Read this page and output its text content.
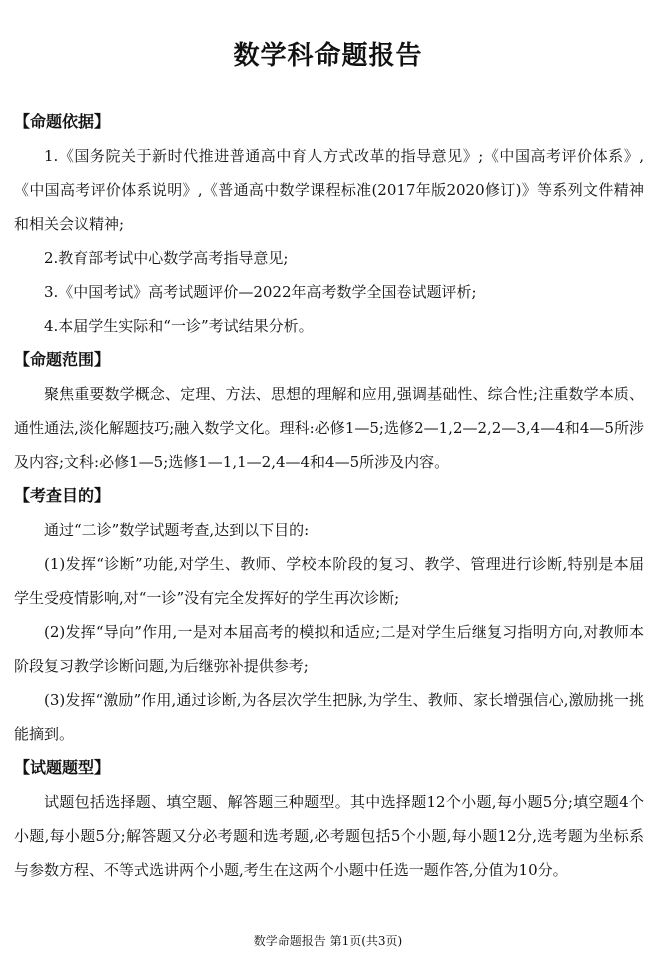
数学科命题报告
【命题依据】

1.《国务院关于新时代推进普通高中育人方式改革的指导意见》;《中国高考评价体系》,《中国高考评价体系说明》,《普通高中数学课程标准(2017年版2020修订)》等系列文件精神和相关会议精神;

2.教育部考试中心数学高考指导意见;

3.《中国考试》高考试题评价—2022年高考数学全国卷试题评析;

4.本届学生实际和“一诊”考试结果分析。

【命题范围】

聚焦重要数学概念、定理、方法、思想的理解和应用,强调基础性、综合性;注重数学本质、通性通法,淡化解题技巧;融入数学文化。理科:必修1—5;选修2—1,2—2,2—3,4—4和4—5所涉及内容;文科:必修1—5;选修1—1,1—2,4—4和4—5所涉及内容。

【考查目的】

通过“二诊”数学试题考查,达到以下目的:

(1)发挥“诊断”功能,对学生、教师、学校本阶段的复习、教学、管理进行诊断,特别是本届学生受疫情影响,对“一诊”没有完全发挥好的学生再次诊断;

(2)发挥“导向”作用,一是对本届高考的模拟和适应;二是对学生后继复习指明方向,对教师本阶段复习教学诊断问题,为后继弥补提供参考;

(3)发挥“激励”作用,通过诊断,为各层次学生把脉,为学生、教师、家长增强信心,激励挑一挑能摘到。

【试题题型】

试题包括选择题、填空题、解答题三种题型。其中选择题12个小题,每小题5分;填空题4个小题,每小题5分;解答题又分必考题和选考题,必考题包括5个小题,每小题12分,选考题为坐标系与参数方程、不等式选讲两个小题,考生在这两个小题中任选一题作答,分值为10分。

数学命题报告 第1页(共3页)
